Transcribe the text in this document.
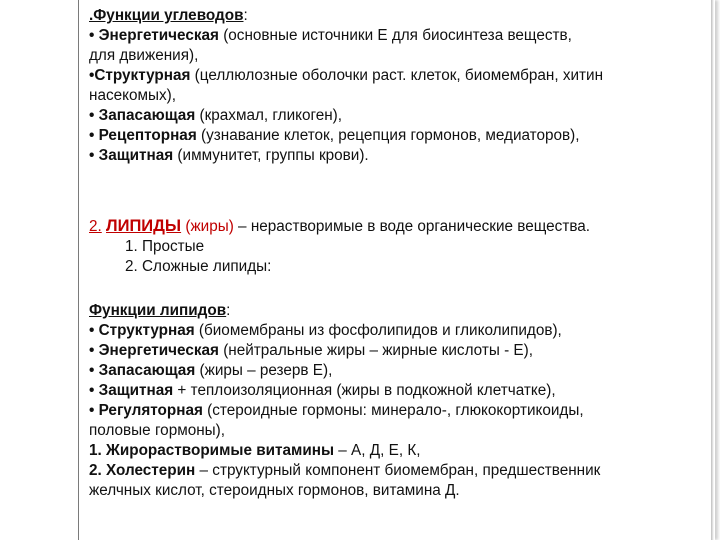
.Функции углеводов:
• Энергетическая (основные источники Е для биосинтеза веществ,
для движения),
•Структурная (целлюлозные оболочки раст. клеток, биомембран, хитин
насекомых),
• Запасающая (крахмал, гликоген),
• Рецепторная (узнавание клеток, рецепция гормонов, медиаторов),
• Защитная (иммунитет, группы крови).
2. ЛИПИДЫ (жиры) – нерастворимые в воде органические вещества.
1. Простые
2. Сложные липиды:
Функции липидов:
• Структурная (биомембраны из фосфолипидов и гликолипидов),
• Энергетическая (нейтральные жиры – жирные кислоты - Е),
• Запасающая (жиры – резерв Е),
• Защитная + теплоизоляционная (жиры в подкожной клетчатке),
• Регуляторная (стероидные гормоны: минерало-, глюкокортикоиды,
половые гормоны),
1. Жирорастворимые витамины – А, Д, Е, К,
2. Холестерин – структурный компонент биомембран, предшественник
желчных кислот, стероидных гормонов, витамина Д.
